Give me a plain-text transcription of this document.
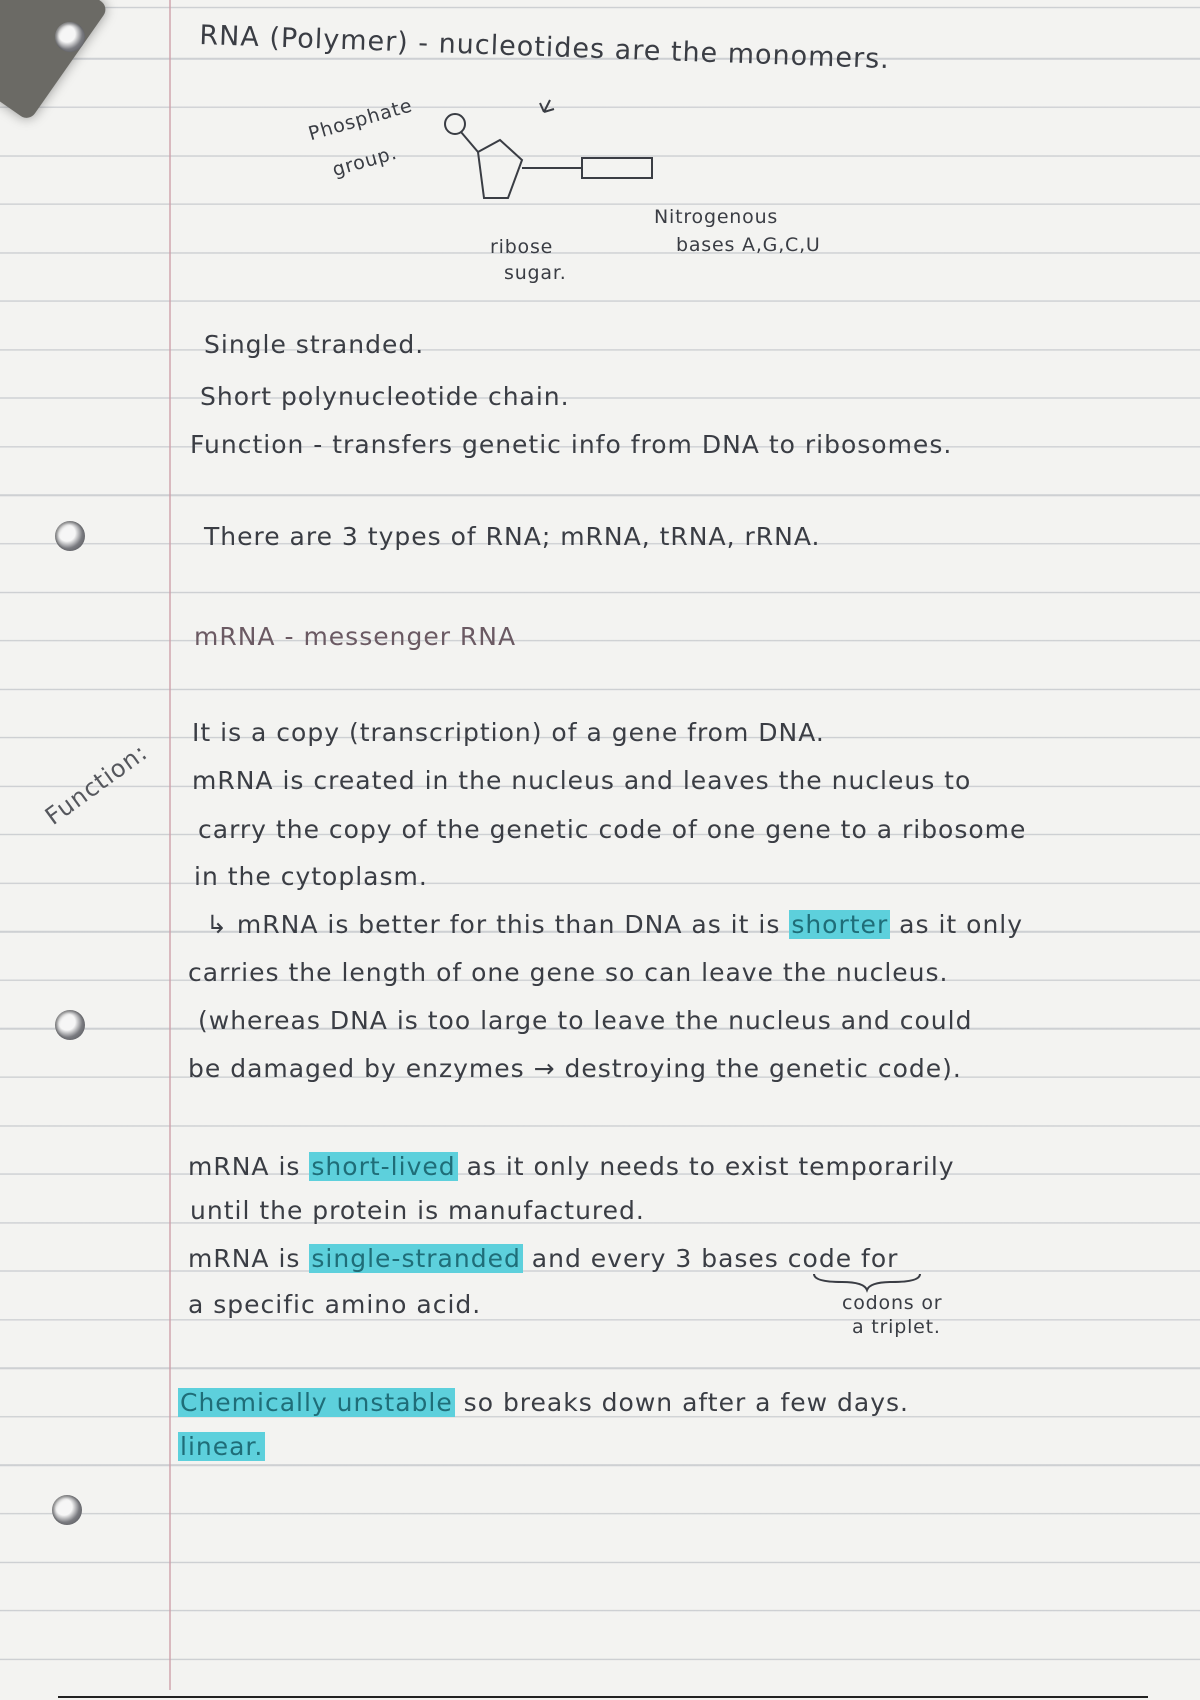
RNA (Polymer) - nucleotides are the monomers.
Phosphate
group.
ribose
sugar.
Nitrogenous
bases A,G,C,U
Single stranded.
Short polynucleotide chain.
Function - transfers genetic info from DNA to ribosomes.
There are 3 types of RNA; mRNA, tRNA, rRNA.
mRNA - messenger RNA
It is a copy (transcription) of a gene from DNA.
mRNA is created in the nucleus and leaves the nucleus to
carry the copy of the genetic code of one gene to a ribosome
in the cytoplasm.
↳ mRNA is better for this than DNA as it is shorter as it only
carries the length of one gene so can leave the nucleus.
(whereas DNA is too large to leave the nucleus and could
be damaged by enzymes → destroying the genetic code).
mRNA is short-lived as it only needs to exist temporarily
until the protein is manufactured.
mRNA is single-stranded and every 3 bases code for
a specific amino acid.	codons or
a triplet.
Chemically unstable so breaks down after a few days.
linear.
Function:
